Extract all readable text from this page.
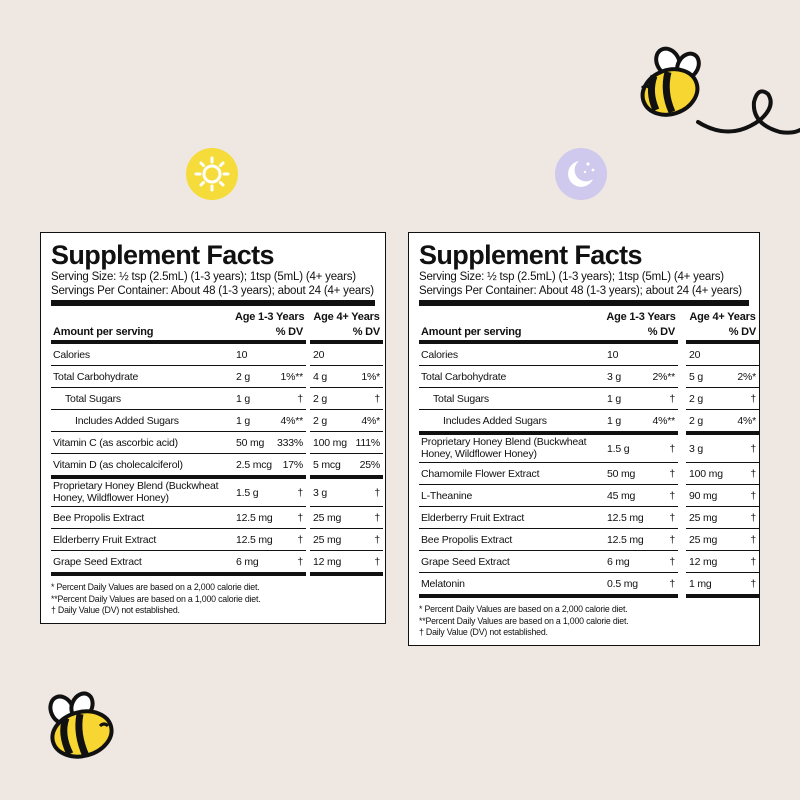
Supplement Facts
Serving Size: ½ tsp (2.5mL) (1-3 years); 1tsp (5mL) (4+ years)
Servings Per Container: About 48 (1-3 years); about 24 (4+ years)
	Age 1-3 Years			Age 4+ Years	
Amount per serving	% DV			% DV	
Calories	10			20	
Total Carbohydrate	2 g	1%**		4 g	1%*
Total Sugars	1 g	†		2 g	†
Includes Added Sugars	1 g	4%**		2 g	4%*
Vitamin C (as ascorbic acid)	50 mg	333%		100 mg	111%
Vitamin D (as cholecalciferol)	2.5 mcg	17%		5 mcg	25%
Proprietary Honey Blend (Buckwheat Honey, Wildflower Honey)	1.5 g	†		3 g	†
Bee Propolis Extract	12.5 mg	†		25 mg	†
Elderberry Fruit Extract	12.5 mg	†		25 mg	†
Grape Seed Extract	6 mg	†		12 mg	†
* Percent Daily Values are based on a 2,000 calorie diet.
**Percent Daily Values are based on a 1,000 calorie diet.
† Daily Value (DV) not established.
Supplement Facts
Serving Size: ½ tsp (2.5mL) (1-3 years); 1tsp (5mL) (4+ years)
Servings Per Container: About 48 (1-3 years); about 24 (4+ years)
	Age 1-3 Years			Age 4+ Years	
Amount per serving	% DV			% DV	
Calories	10			20	
Total Carbohydrate	3 g	2%**		5 g	2%*
Total Sugars	1 g	†		2 g	†
Includes Added Sugars	1 g	4%**		2 g	4%*
Proprietary Honey Blend (Buckwheat Honey, Wildflower Honey)	1.5 g	†		3 g	†
Chamomile Flower Extract	50 mg	†		100 mg	†
L-Theanine	45 mg	†		90 mg	†
Elderberry Fruit Extract	12.5 mg	†		25 mg	†
Bee Propolis Extract	12.5 mg	†		25 mg	†
Grape Seed Extract	6 mg	†		12 mg	†
Melatonin	0.5 mg	†		1 mg	†
* Percent Daily Values are based on a 2,000 calorie diet.
**Percent Daily Values are based on a 1,000 calorie diet.
† Daily Value (DV) not established.
